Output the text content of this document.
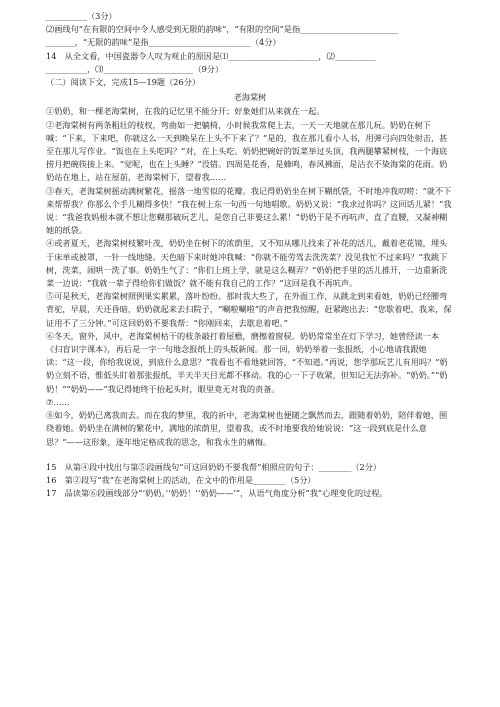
__________（3分）
⑵画线句“在有限的空间中令人感受到无限的韵味”，“有限的空间”是指________________________
_______，“无限的韵味”是指_________________________（4分）
14　从全文看，中国瓷器令人叹为观止的原因是⑴______________________，⑵__________
__________，⑶______________________（9分）
（二）阅读下文，完成15—19题（26分）
老海棠树

①奶奶，和一棵老海棠树，在我的记忆里不能分开；好象她们从来就在一起。

②老海棠树有两条粗壮的枝杈，弯曲如一把躺椅，小时候我常爬上去，一天一天地就在那儿玩。奶奶在树下喊：“下来，下来吧，你就这么一天到晚呆在上头不下来了？”是的，我在那儿看小人书，用弹弓向四处射击，甚至在那儿写作业。“饭也在上头吃吗？”对，在上头吃。奶奶把碗好的饭菜举过头顶，我两腿攀紧树枝，一个海底捞月把碗筷接上来。“觉呢，也在上头睡？”没错。四周是花香，是蜂鸣，春风拂面，是沾衣不染海棠的花雨。奶奶站在地上，站在屋前，老海棠树下，望着我……

③春天，老海棠树摇动满树繁花，摇落一地雪似的花瓣。我记得奶奶坐在树下糊纸袋，不时地冲我叨唠：“就不下来帮帮我？你那么个手儿糊得多快！”我在树上东一句西一句地唱歌。奶奶又说：“我求过你吗？这回话儿紧！”我说：“我爸我妈根本就不想让您糊那破玩艺儿，是您自己非要这么累！”奶奶于是不再吭声，直了直腰，又凝神糊她的纸袋。

④或者夏天，老海棠树枝繁叶茂，奶奶坐在树下的浓荫里，又不知从哪儿找来了补花的活儿，戴着老花镜，埋头于床单或被罩，一针一线地缝。天色暗下来时她冲我喊：“你就不能劳驾去洗洗菜？没见我忙不过来吗？”我跳下树，洗菜，闹哄一洗了事。奶奶生气了：“你们上班上学，就是这么糊弄？”奶奶把手里的活儿推开，一边重新洗菜一边说：“我就一辈子得给你们做饭？就不能有我自己的工作？”这回是我不再吭声。

⑤可是秋天，老海棠树照例果实累累，落叶纷纷。那时我大些了，在外面工作，从跳北到来看她，奶奶已经腰弯背驼，早晨，天还昏暗，奶奶就起来去扫院子，“唰啦唰啦”的声音把我惊醒，赶紧跑出去：“您歇着吧，我来，保证用不了三分钟。”可这回奶奶不要我帮：“你刚回来，去歇息着吧。”

⑥冬天，窗外，风中，老海棠树枯干的枝条敲打着屋檐，磨擦着窗棂。奶奶常常坐在灯下学习，她曾经读一本《扫盲识字课本》，再后是一字一句地念报纸上的头版新闻。那一回，奶奶举着一张报纸，小心地请我跟她读：“这一段，你给我说说，到底什么意思？”我看也不看地就回答，“不知道。”再说，您学那玩艺儿有用吗？”奶奶立刻不语，惟低头盯着那张报纸，半天半天目光都不移动。我的心一下子收紧，但知记无法弥补。“奶奶。”“奶奶！”“奶奶——”我记得她终于抬起头时，眼里竟无对我的责备。

⑦……

⑧如今，奶奶已离我而去。而在我的梦里，我的祈中，老海棠树也便随之飘然而去，跟随着奶奶，陪伴着她，围绕着她。奶奶坐在满树的繁花中，满地的浓荫里，望着我，或不时地要我给她说说：“这一段到底是什么意思？”——这形象，逐年地定格成我的思念，和我永生的痛悔。

15　从第④段中找出与第⑤段画线句“可这回奶奶不要我帮”相照应的句子：________（2分）
16　第②段写“我”在老海棠树上的活动，在文中的作用是________（5分）
17　品读第⑥段画线部分“‘奶奶。’‘奶奶！’‘奶奶——’”，从语气角度分析“我”心理变化的过程。
